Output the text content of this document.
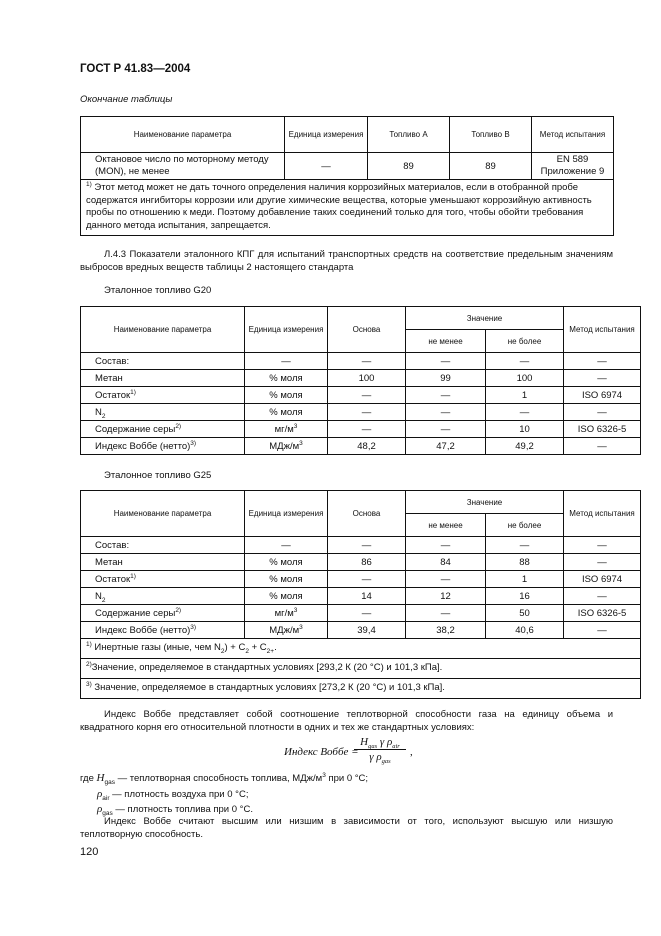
ГОСТ Р 41.83—2004
Окончание таблицы
Наименование параметра	Единица измерения	Топливо А	Топливо В	Метод испытания
Октановое число по моторному методу (MON), не менее	—	89	89	EN 589
Приложение 9
$^{1)}$ Этот метод может не дать точного определения наличия коррозийных материалов, если в отобранной пробе содержатся ингибиторы коррозии или другие химические вещества, которые уменьшают коррозийную активность пробы по отношению к меди. Поэтому добавление таких соединений только для того, чтобы обойти требования данного метода испытания, запрещается.				
Л.4.3 Показатели эталонного КПГ для испытаний транспортных средств на соответствие предельным значениям выбросов вредных веществ таблицы 2 настоящего стандарта
Эталонное топливо G20
Наименование параметра	Единица измерения	Основа	Значение		Метод испытания
			не менее	не более	
Состав:	—	—	—	—	—
Метан	% моля	100	99	100	—
Остаток$^{1)}$	% моля	—	—	1	ISO 6974
$N_2$	% моля	—	—	—	—
Содержание серы$^{2)}$	$мг/м^3$	—	—	10	ISO 6326-5
Индекс Воббе (нетто)$^{3)}$	МДж/$м^3$	48,2	47,2	49,2	—
Эталонное топливо G25
Наименование параметра	Единица измерения	Основа	Значение		Метод испытания
			не менее	не более	
Состав:	—	—	—	—	—
Метан	% моля	86	84	88	—
Остаток$^{1)}$	% моля	—	—	1	ISO 6974
$N_2$	% моля	14	12	16	—
Содержание серы$^{2)}$	$мг/м^3$	—	—	50	ISO 6326-5
Индекс Воббе (нетто)$^{3)}$	МДж/$м^3$	39,4	38,2	40,6	—
$^{1)}$ Инертные газы (иные, чем $N_2) + C_2 + C_{2+}$.					
$^{2)}$Значение, определяемое в стандартных условиях [293,2 К (20 °С) и 101,3 кПа].					
$^{3)}$ Значение, определяемое в стандартных условиях [273,2 К (20 °С) и 101,3 кПа].					
Индекс Воббе представляет собой соотношение теплотворной способности газа на единицу объема и квадратного корня его относительной плотности в одних и тех же стандартных условиях:
Индекс Воббе =
$H_{gas}$ γ $\rho_{air}$
γ $\rho_{gas}$
,
где $H_{gas}$ — теплотворная способность топлива, МДж/$м^3$ при 0 °С;
$\rho_{air}$ — плотность воздуха при 0 °С;
$\rho_{gas}$ — плотность топлива при 0 °С.
Индекс Воббе считают высшим или низшим в зависимости от того, используют высшую или низшую теплотворную способность.
120
